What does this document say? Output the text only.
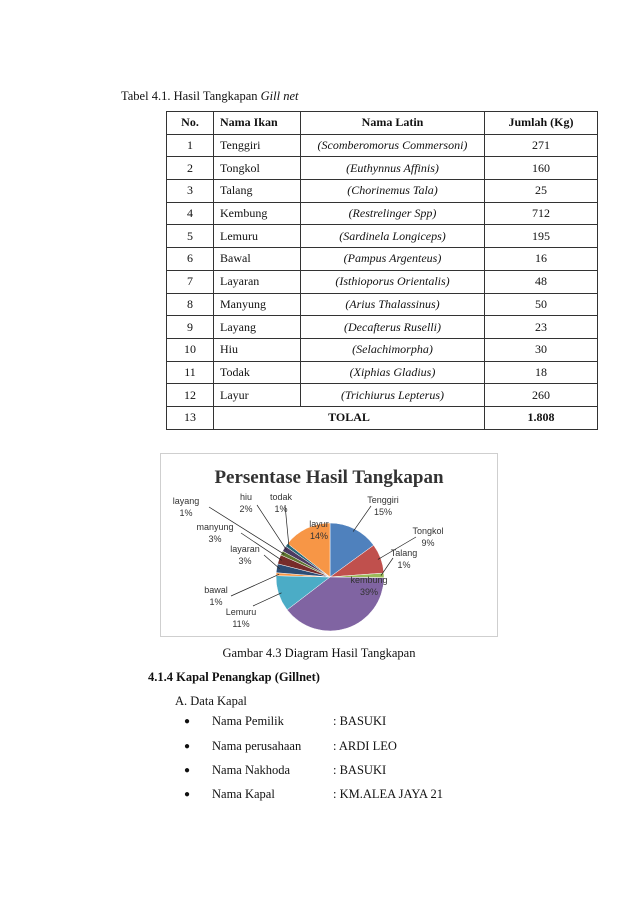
Tabel 4.1. Hasil Tangkapan Gill net
No.	Nama Ikan	Nama Latin	Jumlah (Kg)
1	Tenggiri	(Scomberomorus Commersoni)	271
2	Tongkol	(Euthynnus Affinis)	160
3	Talang	(Chorinemus Tala)	25
4	Kembung	(Restrelinger Spp)	712
5	Lemuru	(Sardinela Longiceps)	195
6	Bawal	(Pampus Argenteus)	16
7	Layaran	(Isthioporus Orientalis)	48
8	Manyung	(Arius Thalassinus)	50
9	Layang	(Decafterus Ruselli)	23
10	Hiu	(Selachimorpha)	30
11	Todak	(Xiphias Gladius)	18
12	Layur	(Trichiurus Lepterus)	260
13	TOLAL		1.808
Persentase Hasil Tangkapan
Tenggiri
15%
Tongkol
9%
Talang
1%
kembung
39%
Lemuru
11%
bawal
1%
layaran
3%
manyung
3%
layang
1%
hiu
2%
todak
1%
layur
14%
Gambar 4.3 Diagram Hasil Tangkapan
4.1.4 Kapal Penangkap (Gillnet)
A. Data Kapal
● Nama Pemilik	: BASUKI
● Nama perusahaan	: ARDI LEO
● Nama Nakhoda	: BASUKI
● Nama Kapal	: KM.ALEA JAYA 21
